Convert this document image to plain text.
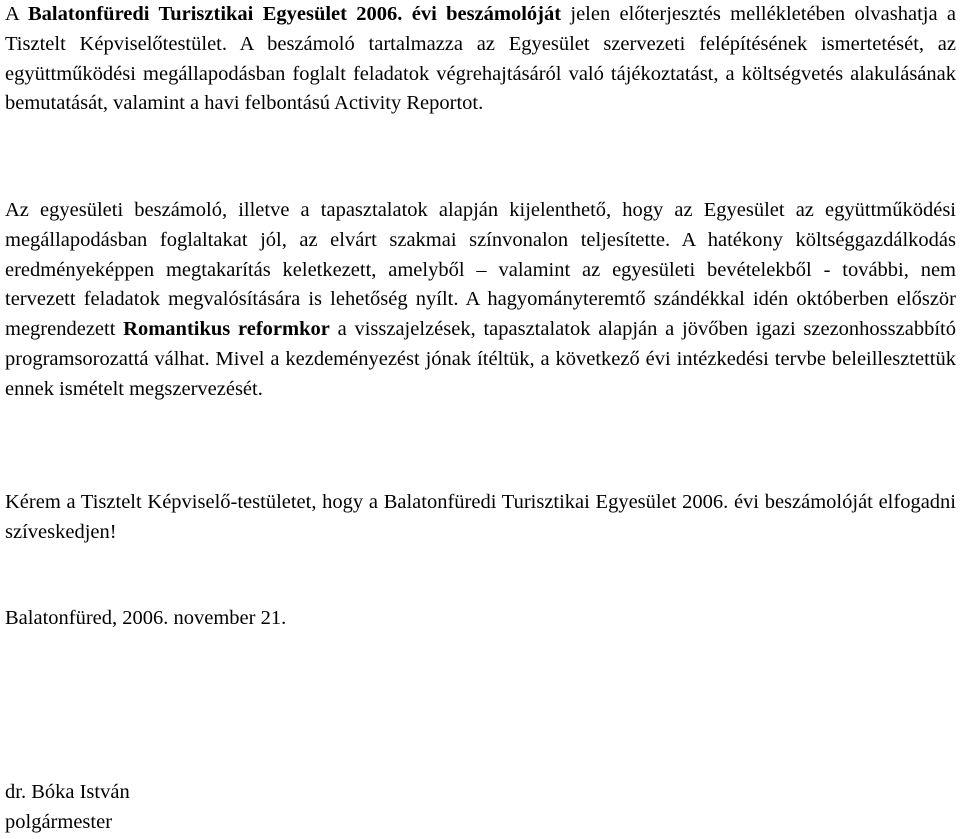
A Balatonfüredi Turisztikai Egyesület 2006. évi beszámolóját jelen előterjesztés mellékletében olvashatja a Tisztelt Képviselőtestület. A beszámoló tartalmazza az Egyesület szervezeti felépítésének ismertetését, az együttműködési megállapodásban foglalt feladatok végrehajtásáról való tájékoztatást, a költségvetés alakulásának bemutatását, valamint a havi felbontású Activity Reportot.

Az egyesületi beszámoló, illetve a tapasztalatok alapján kijelenthető, hogy az Egyesület az együttműködési megállapodásban foglaltakat jól, az elvárt szakmai színvonalon teljesítette. A hatékony költséggazdálkodás eredményeképpen megtakarítás keletkezett, amelyből – valamint az egyesületi bevételekből - további, nem tervezett feladatok megvalósítására is lehetőség nyílt. A hagyományteremtő szándékkal idén októberben először megrendezett Romantikus reformkor a visszajelzések, tapasztalatok alapján a jövőben igazi szezonhosszabbító programsorozattá válhat. Mivel a kezdeményezést jónak ítéltük, a következő évi intézkedési tervbe beleillesztettük ennek ismételt megszervezését.

Kérem a Tisztelt Képviselő-testületet, hogy a Balatonfüredi Turisztikai Egyesület 2006. évi beszámolóját elfogadni szíveskedjen!

Balatonfüred, 2006. november 21.
dr. Bóka István
polgármester
